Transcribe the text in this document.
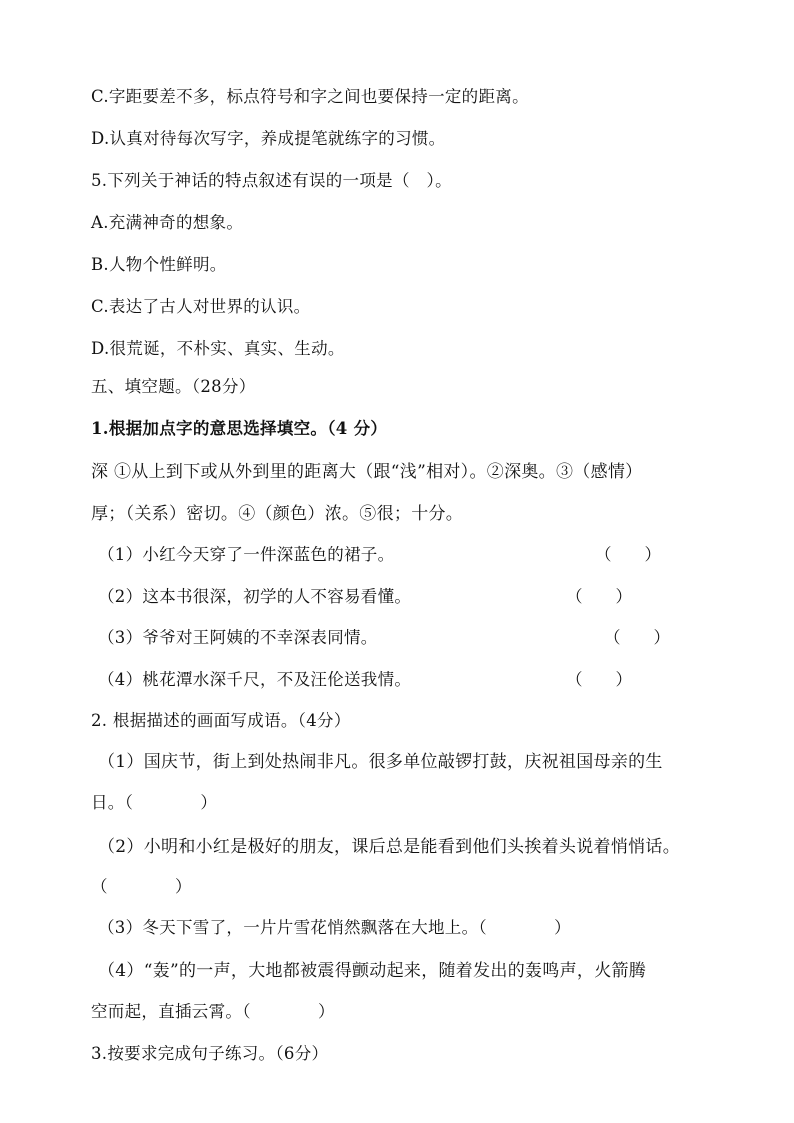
C.字距要差不多，标点符号和字之间也要保持一定的距离。
D.认真对待每次写字，养成提笔就练字的习惯。
5.下列关于神话的特点叙述有误的一项是（　）。
A.充满神奇的想象。
B.人物个性鲜明。
C.表达了古人对世界的认识。
D.很荒诞，不朴实、真实、生动。
五、填空题。（28分）
1.根据加点字的意思选择填空。（4 分）
深 ①从上到下或从外到里的距离大（跟“浅”相对）。②深奥。③（感情）
厚；（关系）密切。④（颜色）浓。⑤很；十分。
（1）小红今天穿了一件深蓝色的裙子。	（　　）
（2）这本书很深，初学的人不容易看懂。	（　　）
（3）爷爷对王阿姨的不幸深表同情。	（　　）
（4）桃花潭水深千尺，不及汪伦送我情。	（　　）
2. 根据描述的画面写成语。（4分）
（1）国庆节，街上到处热闹非凡。很多单位敲锣打鼓，庆祝祖国母亲的生
日。（　　　　）
（2）小明和小红是极好的朋友，课后总是能看到他们头挨着头说着悄悄话。
（　　　　）
（3）冬天下雪了，一片片雪花悄然飘落在大地上。（　　　　）
（4）“轰”的一声，大地都被震得颤动起来，随着发出的轰鸣声，火箭腾
空而起，直插云霄。（　　　　）
3.按要求完成句子练习。（6分）
